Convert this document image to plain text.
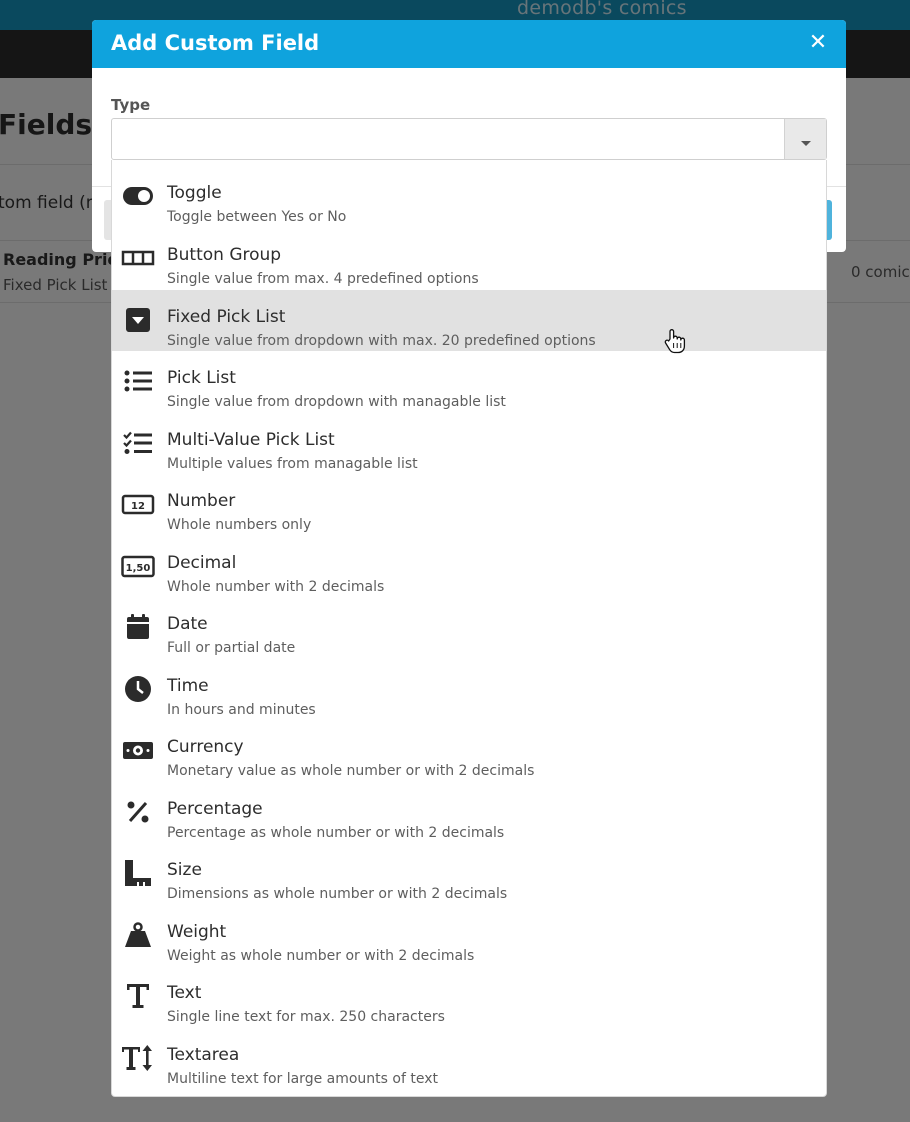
Add Custom Field	✕
Type
Toggle
Toggle between Yes or No
Button Group
Single value from max. 4 predefined options
Fixed Pick List
Single value from dropdown with max. 20 predefined options
Pick List
Single value from dropdown with managable list
Multi-Value Pick List
Multiple values from managable list
12 Number
Whole numbers only
1,50 Decimal
Whole number with 2 decimals
Date
Full or partial date
Time
In hours and minutes
Currency
Monetary value as whole number or with 2 decimals
Percentage
Percentage as whole number or with 2 decimals
Size
Dimensions as whole number or with 2 decimals
Weight
Weight as whole number or with 2 decimals
Text
Single line text for max. 250 characters
Textarea
Multiline text for large amounts of text
